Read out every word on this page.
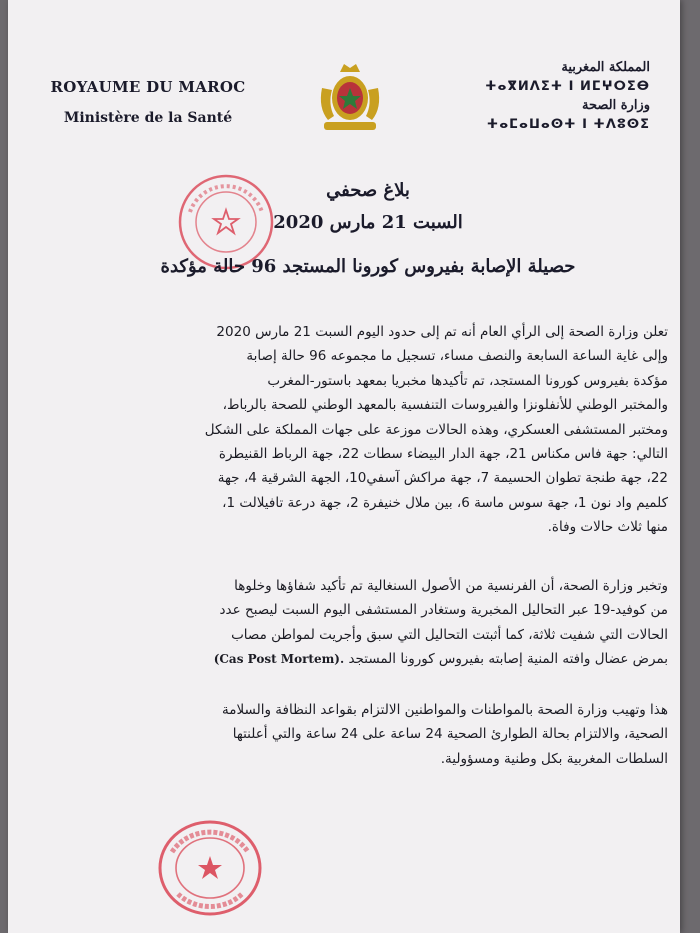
ROYAUME DU MAROC
Ministère de la Santé
المملكة المغربية
ⵜⴰⴳⵍⴷⵉⵜ ⵏ ⵍⵎⵖⵔⵉⴱ
وزارة الصحة
ⵜⴰⵎⴰⵡⴰⵙⵜ ⵏ ⵜⴷⵓⵙⵉ
بلاغ صحفي
السبت 21 مارس 2020
حصيلة الإصابة بفيروس كورونا المستجد 96 حالة مؤكدة
تعلن وزارة الصحة إلى الرأي العام أنه تم إلى حدود اليوم السبت 21 مارس 2020
وإلى غاية الساعة السابعة والنصف مساء، تسجيل ما مجموعه 96 حالة إصابة
مؤكدة بفيروس كورونا المستجد، تم تأكيدها مخبريا بمعهد باستور-المغرب
والمختبر الوطني للأنفلونزا والفيروسات التنفسية بالمعهد الوطني للصحة بالرباط،
ومختبر المستشفى العسكري، وهذه الحالات موزعة على جهات المملكة على الشكل
التالي: جهة فاس مكناس 21، جهة الدار البيضاء سطات 22، جهة الرباط القنيطرة
22، جهة طنجة تطوان الحسيمة 7، جهة مراكش آسفي10، الجهة الشرقية 4، جهة
كلميم واد نون 1، جهة سوس ماسة 6، بين ملال خنيفرة 2، جهة درعة تافيلالت 1،
منها ثلاث حالات وفاة.
وتخبر وزارة الصحة، أن الفرنسية من الأصول السنغالية تم تأكيد شفاؤها وخلوها
من كوفيد-19 عبر التحاليل المخبرية وستغادر المستشفى اليوم السبت ليصبح عدد
الحالات التي شفيت ثلاثة، كما أثبتت التحاليل التي سبق وأجريت لمواطن مصاب
بمرض عضال وافته المنية إصابته بفيروس كورونا المستجد (Cas Post Mortem).
هذا وتهيب وزارة الصحة بالمواطنات والمواطنين الالتزام بقواعد النظافة والسلامة
الصحية، والالتزام بحالة الطوارئ الصحية 24 ساعة على 24 ساعة والتي أعلنتها
السلطات المغربية بكل وطنية ومسؤولية.
